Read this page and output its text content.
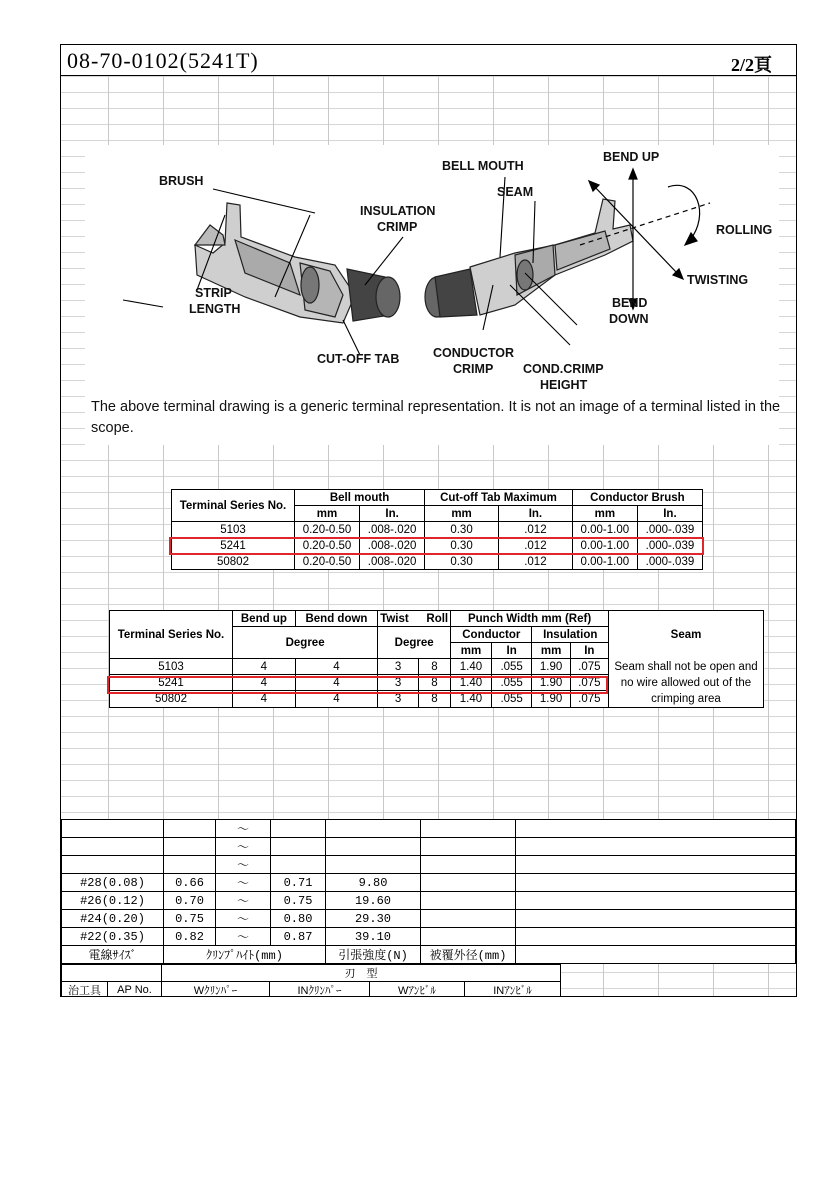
08-70-0102(5241T)	2/2頁
BRUSH
INSULATION
CRIMP
STRIP
LENGTH
CUT-OFF TAB
BELL MOUTH
SEAM
CONDUCTOR
CRIMP COND.CRIMP
HEIGHT
BEND UP
BEND
DOWN
ROLLING
TWISTING
The above terminal drawing is a generic terminal representation. It is not an image of a terminal listed in the scope.
Terminal Series No.	Bell mouth		Cut-off Tab Maximum		Conductor Brush	
	mm	In.	mm	In.	mm	In.
5103	0.20-0.50	.008-.020	0.30	.012	0.00-1.00	.000-.039
5241	0.20-0.50	.008-.020	0.30	.012	0.00-1.00	.000-.039
50802	0.20-0.50	.008-.020	0.30	.012	0.00-1.00	.000-.039
Terminal Series No.	Bend up	Bend down	Twist	Roll	Punch Width mm (Ref)				Seam
	Degree		Degree		Conductor		Insulation		
					mm	In	mm	In	
5103	4	4	3	8	1.40	.055	1.90	.075	Seam shall not be open and no wire allowed out of the crimping area
5241	4	4	3	8	1.40	.055	1.90	.075	
50802	4	4	3	8	1.40	.055	1.90	.075	
		～				
		～				
		～				
#28(0.08)	0.66	～	0.71	9.80		
#26(0.12)	0.70	～	0.75	19.60		
#24(0.20)	0.75	～	0.80	29.30		
#22(0.35)	0.82	～	0.87	39.10		
電線ｻｲｽﾞ	ｸﾘﾝﾌﾟﾊｲﾄ(mm)			引張強度(N)	被覆外径(mm)	
		刃　型			
治工具	AP No.	Wｸﾘﾝﾊﾟｰ	INｸﾘﾝﾊﾟｰ	Wｱﾝﾋﾞﾙ	INｱﾝﾋﾞﾙ
